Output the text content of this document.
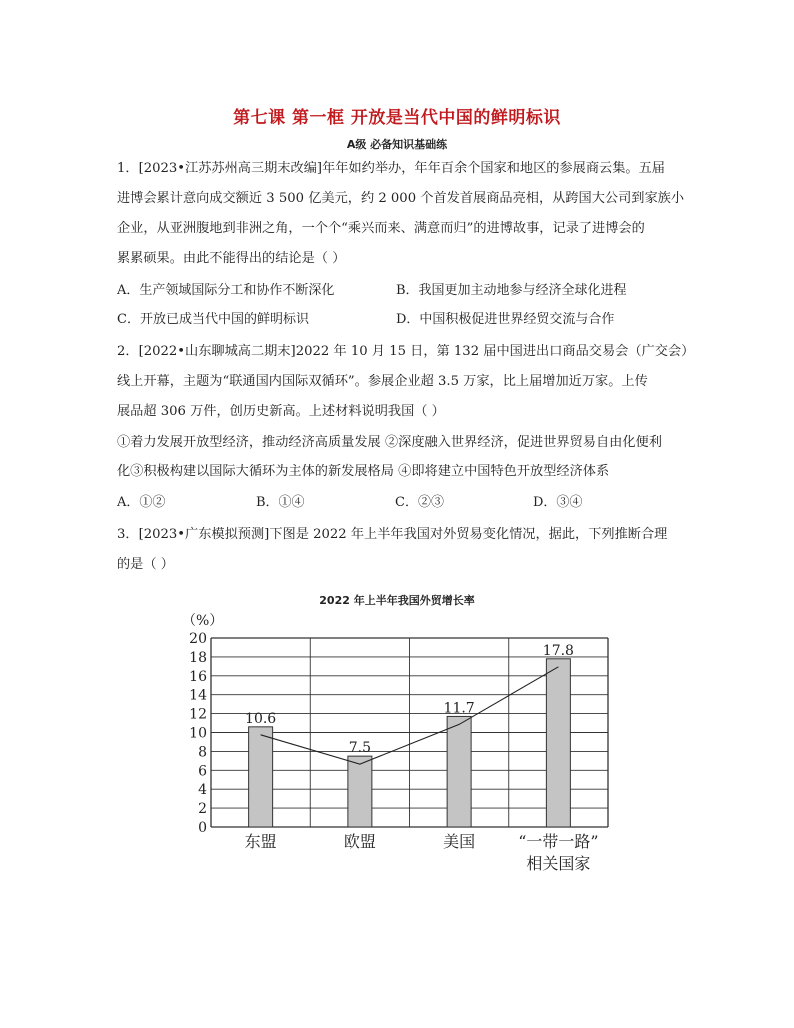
第七课 第一框 开放是当代中国的鲜明标识
A级 必备知识基础练
1．[2023•江苏苏州高三期末改编]年年如约举办，年年百余个国家和地区的参展商云集。五届
进博会累计意向成交额近 3 500 亿美元，约 2 000 个首发首展商品亮相，从跨国大公司到家族小
企业，从亚洲腹地到非洲之角，一个个“乘兴而来、满意而归”的进博故事，记录了进博会的
累累硕果。由此不能得出的结论是（ ）
A．生产领域国际分工和协作不断深化	B．我国更加主动地参与经济全球化进程
C．开放已成当代中国的鲜明标识	D．中国积极促进世界经贸交流与合作
2．[2022•山东聊城高二期末]2022 年 10 月 15 日，第 132 届中国进出口商品交易会（广交会）
线上开幕，主题为“联通国内国际双循环”。参展企业超 3.5 万家，比上届增加近万家。上传
展品超 306 万件，创历史新高。上述材料说明我国（ ）
①着力发展开放型经济，推动经济高质量发展 ②深度融入世界经济，促进世界贸易自由化便利
化③积极构建以国际大循环为主体的新发展格局 ④即将建立中国特色开放型经济体系
A．①②	B．①④	C．②③	D．③④
3．[2023•广东模拟预测]下图是 2022 年上半年我国对外贸易变化情况，据此，下列推断合理
的是（ ）
2022 年上半年我国外贸增长率
0
2
4
6
8
10
12
14
16
18
20
（%）
10.6
东盟
7.5
欧盟
11.7
美国
17.8
“一带一路”
相关国家
